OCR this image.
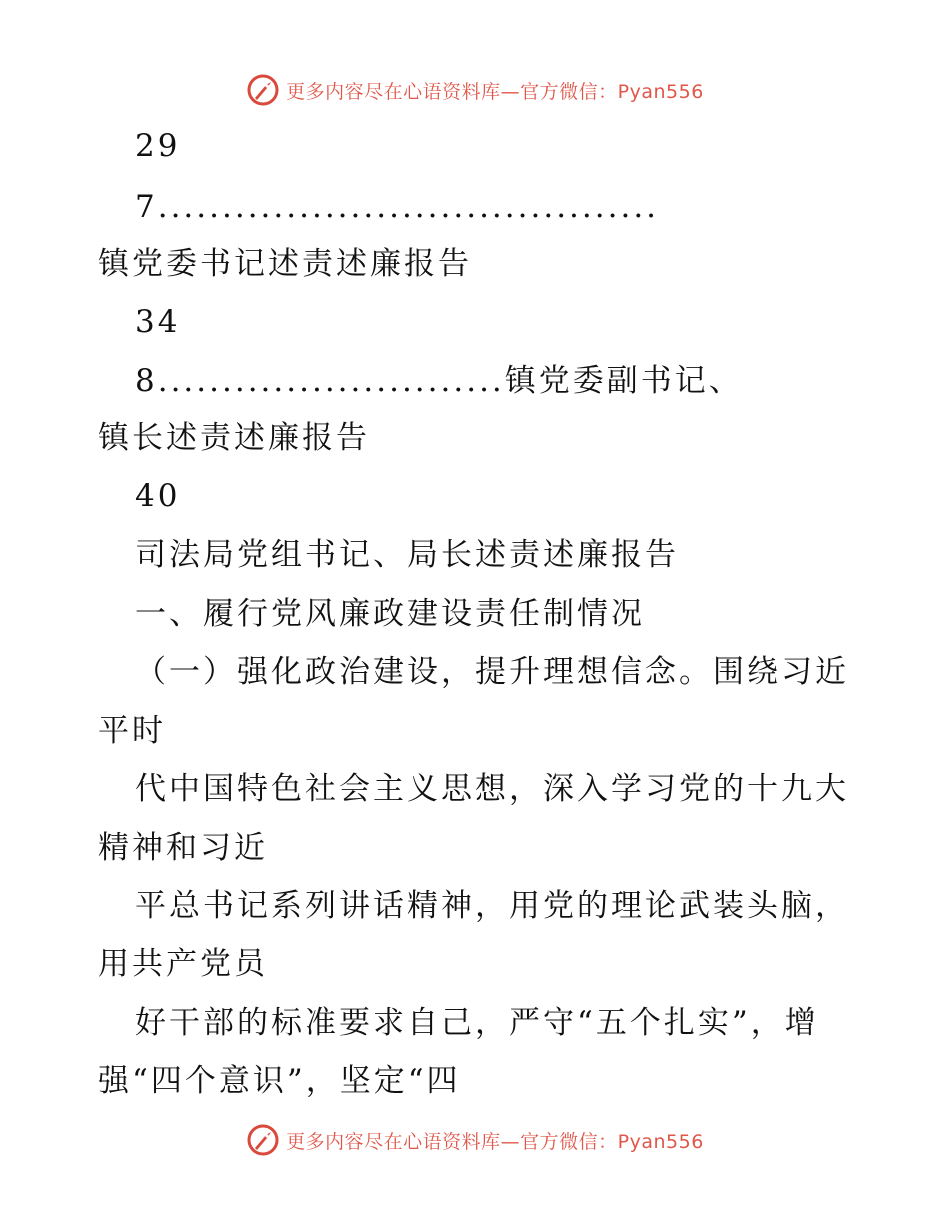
更多内容尽在心语资料库—官方微信：Pyan556
29
7.......................................
镇党委书记述责述廉报告
34
8...........................镇党委副书记、
镇长述责述廉报告
40
司法局党组书记、局长述责述廉报告
一、履行党风廉政建设责任制情况
（一）强化政治建设，提升理想信念。围绕习近
平时
代中国特色社会主义思想，深入学习党的十九大
精神和习近
平总书记系列讲话精神，用党的理论武装头脑，
用共产党员
好干部的标准要求自己，严守“五个扎实”，增
强“四个意识”，坚定“四
更多内容尽在心语资料库—官方微信：Pyan556
